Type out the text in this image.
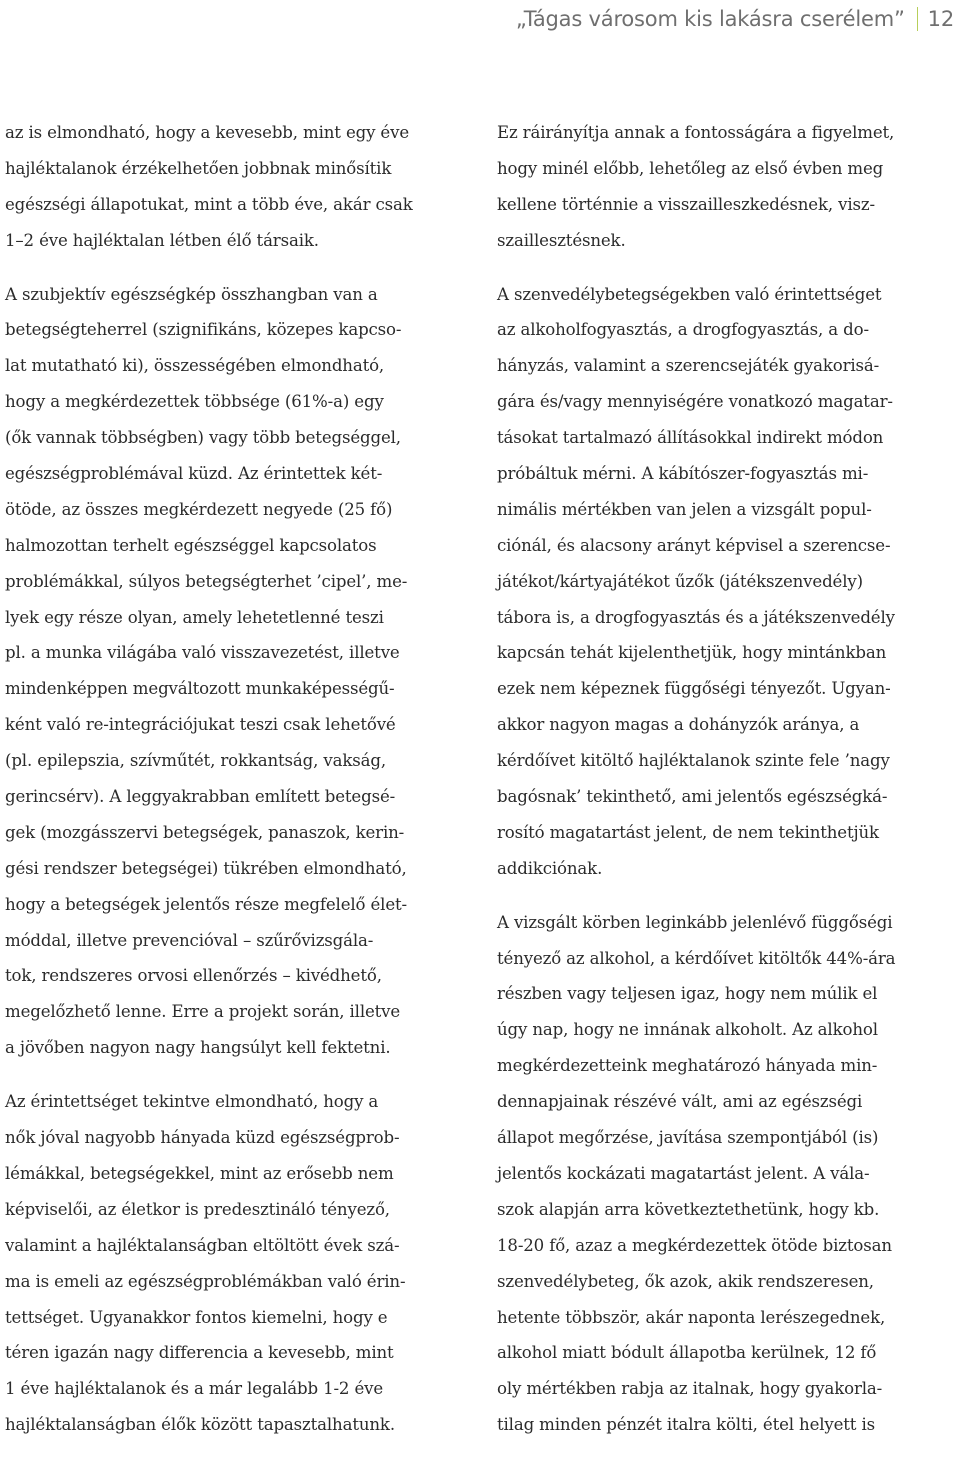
„Tágas városom kis lakásra cserélem” 12
az is elmondható, hogy a kevesebb, mint egy éve
hajléktalanok érzékelhetően jobbnak minősítik
egészségi állapotukat, mint a több éve, akár csak
1–2 éve hajléktalan létben élő társaik.
A szubjektív egészségkép összhangban van a
betegségteherrel (szignifikáns, közepes kapcso-
lat mutatható ki), összességében elmondható,
hogy a megkérdezettek többsége (61%-a) egy
(ők vannak többségben) vagy több betegséggel,
egészségproblémával küzd. Az érintettek két-
ötöde, az összes megkérdezett negyede (25 fő)
halmozottan terhelt egészséggel kapcsolatos
problémákkal, súlyos betegségterhet ’cipel’, me-
lyek egy része olyan, amely lehetetlenné teszi
pl. a munka világába való visszavezetést, illetve
mindenképpen megváltozott munkaképességű-
ként való re-integrációjukat teszi csak lehetővé
(pl. epilepszia, szívműtét, rokkantság, vakság,
gerincsérv). A leggyakrabban említett betegsé-
gek (mozgásszervi betegségek, panaszok, kerin-
gési rendszer betegségei) tükrében elmondható,
hogy a betegségek jelentős része megfelelő élet-
móddal, illetve prevencióval – szűrővizsgála-
tok, rendszeres orvosi ellenőrzés – kivédhető,
megelőzhető lenne. Erre a projekt során, illetve
a jövőben nagyon nagy hangsúlyt kell fektetni.
Az érintettséget tekintve elmondható, hogy a
nők jóval nagyobb hányada küzd egészségprob-
lémákkal, betegségekkel, mint az erősebb nem
képviselői, az életkor is predesztináló tényező,
valamint a hajléktalanságban eltöltött évek szá-
ma is emeli az egészségproblémákban való érin-
tettséget. Ugyanakkor fontos kiemelni, hogy e
téren igazán nagy differencia a kevesebb, mint
1 éve hajléktalanok és a már legalább 1-2 éve
hajléktalanságban élők között tapasztalhatunk.
Ez ráirányítja annak a fontosságára a figyelmet,
hogy minél előbb, lehetőleg az első évben meg
kellene történnie a visszailleszkedésnek, visz-
szaillesztésnek.
A szenvedélybetegségekben való érintettséget
az alkoholfogyasztás, a drogfogyasztás, a do-
hányzás, valamint a szerencsejáték gyakorisá-
gára és/vagy mennyiségére vonatkozó magatar-
tásokat tartalmazó állításokkal indirekt módon
próbáltuk mérni. A kábítószer-fogyasztás mi-
nimális mértékben van jelen a vizsgált popul-
ciónál, és alacsony arányt képvisel a szerencse-
játékot/kártyajátékot űzők (játékszenvedély)
tábora is, a drogfogyasztás és a játékszenvedély
kapcsán tehát kijelenthetjük, hogy mintánkban
ezek nem képeznek függőségi tényezőt. Ugyan-
akkor nagyon magas a dohányzók aránya, a
kérdőívet kitöltő hajléktalanok szinte fele ’nagy
bagósnak’ tekinthető, ami jelentős egészségká-
rosító magatartást jelent, de nem tekinthetjük
addikciónak.
A vizsgált körben leginkább jelenlévő függőségi
tényező az alkohol, a kérdőívet kitöltők 44%-ára
részben vagy teljesen igaz, hogy nem múlik el
úgy nap, hogy ne innának alkoholt. Az alkohol
megkérdezetteink meghatározó hányada min-
dennapjainak részévé vált, ami az egészségi
állapot megőrzése, javítása szempontjából (is)
jelentős kockázati magatartást jelent. A vála-
szok alapján arra következtethetünk, hogy kb.
18-20 fő, azaz a megkérdezettek ötöde biztosan
szenvedélybeteg, ők azok, akik rendszeresen,
hetente többször, akár naponta lerészegednek,
alkohol miatt bódult állapotba kerülnek, 12 fő
oly mértékben rabja az italnak, hogy gyakorla-
tilag minden pénzét italra költi, étel helyett is
